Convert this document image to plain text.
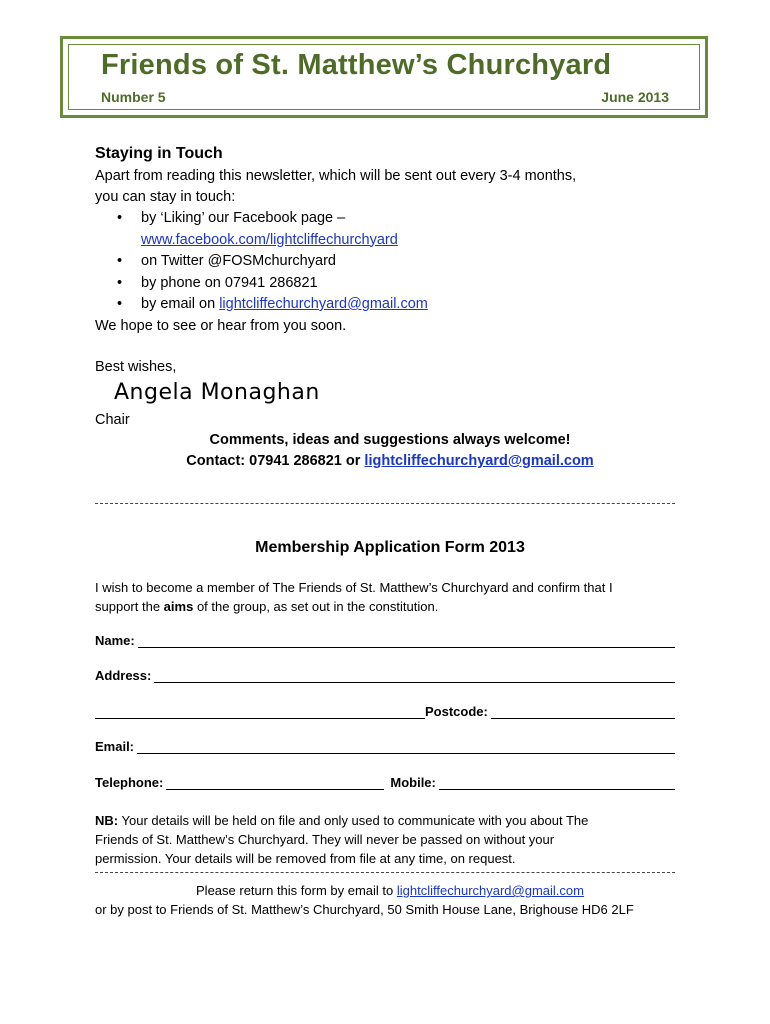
Friends of St. Matthew’s Churchyard
Number 5	June 2013
Staying in Touch
Apart from reading this newsletter, which will be sent out every 3-4 months,
you can stay in touch:
• by ‘Liking’ our Facebook page –
www.facebook.com/lightcliffechurchyard
• on Twitter @FOSMchurchyard
• by phone on 07941 286821
• by email on lightcliffechurchyard@gmail.com
We hope to see or hear from you soon.
Best wishes,
Angela Monaghan
Chair
Comments, ideas and suggestions always welcome!
Contact: 07941 286821 or lightcliffechurchyard@gmail.com
Membership Application Form 2013
I wish to become a member of The Friends of St. Matthew’s Churchyard and confirm that I
support the aims of the group, as set out in the constitution.
Name:
Address:
Postcode:
Email:
Telephone:	Mobile:
NB: Your details will be held on file and only used to communicate with you about The
Friends of St. Matthew’s Churchyard. They will never be passed on without your
permission. Your details will be removed from file at any time, on request.
Please return this form by email to lightcliffechurchyard@gmail.com
or by post to Friends of St. Matthew’s Churchyard, 50 Smith House Lane, Brighouse HD6 2LF
